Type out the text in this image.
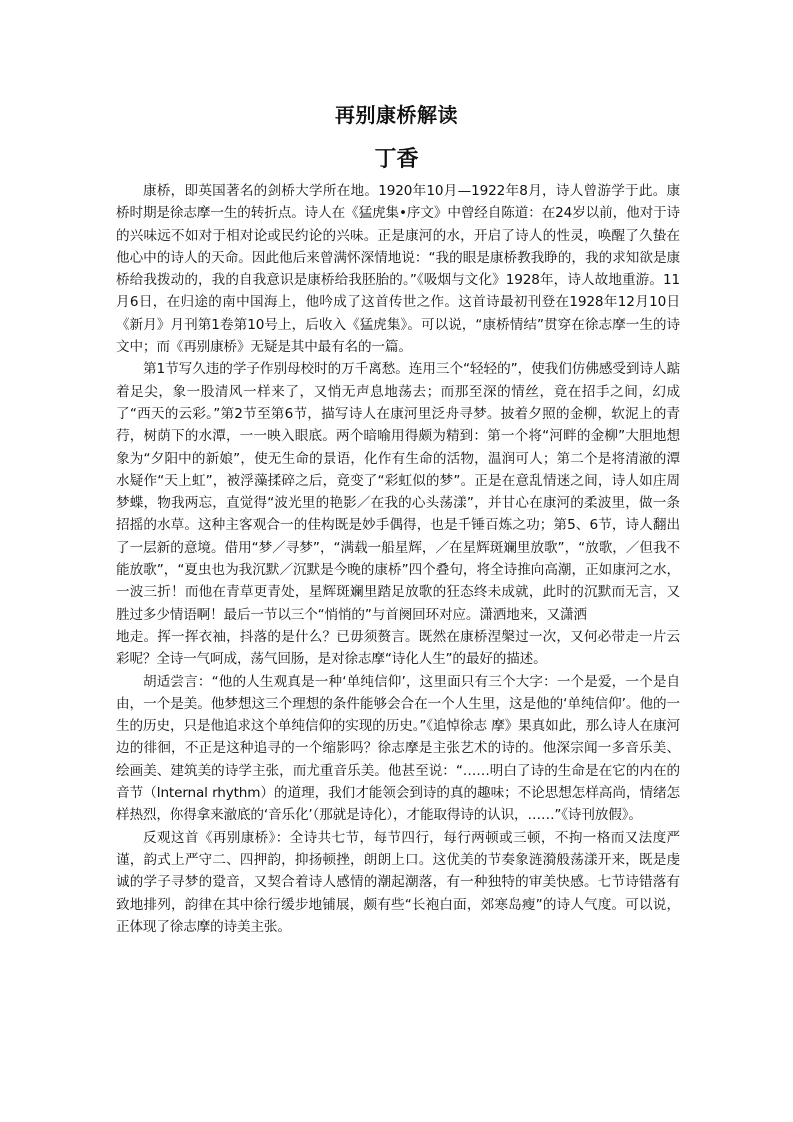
再别康桥解读
丁香

康桥，即英国著名的剑桥大学所在地。1920年10月—1922年8月，诗人曾游学于此。康桥时期是徐志摩一生的转折点。诗人在《猛虎集•序文》中曾经自陈道：在24岁以前，他对于诗的兴味远不如对于相对论或民约论的兴味。正是康河的水，开启了诗人的性灵，唤醒了久蛰在他心中的诗人的天命。因此他后来曾满怀深情地说：“我的眼是康桥教我睁的，我的求知欲是康桥给我拨动的，我的自我意识是康桥给我胚胎的。”《吸烟与文化》1928年，诗人故地重游。11月6日，在归途的南中国海上，他吟成了这首传世之作。这首诗最初刊登在1928年12月10日《新月》月刊第1卷第10号上，后收入《猛虎集》。可以说，“康桥情结”贯穿在徐志摩一生的诗文中；而《再别康桥》无疑是其中最有名的一篇。

第1节写久违的学子作别母校时的万千离愁。连用三个“轻轻的”，使我们仿佛感受到诗人踮着足尖，象一股清风一样来了，又悄无声息地荡去；而那至深的情丝，竟在招手之间，幻成了“西天的云彩。”第2节至第6节，描写诗人在康河里泛舟寻梦。披着夕照的金柳，软泥上的青荇，树荫下的水潭，一一映入眼底。两个暗喻用得颇为精到：第一个将“河畔的金柳”大胆地想象为“夕阳中的新娘”，使无生命的景语，化作有生命的活物，温润可人；第二个是将清澈的潭水疑作“天上虹”，被浮藻揉碎之后，竟变了“彩虹似的梦”。正是在意乱情迷之间，诗人如庄周梦蝶，物我两忘，直觉得“波光里的艳影／在我的心头荡漾”，并甘心在康河的柔波里，做一条招摇的水草。这种主客观合一的佳构既是妙手偶得，也是千锤百炼之功；第5、6节，诗人翻出了一层新的意境。借用“梦／寻梦”，“满载一船星辉，／在星辉斑斓里放歌”，“放歌，／但我不能放歌”，“夏虫也为我沉默／沉默是今晚的康桥”四个叠句，将全诗推向高潮，正如康河之水，一波三折！而他在青草更青处，星辉斑斓里踏足放歌的狂态终未成就，此时的沉默而无言，又胜过多少情语啊！最后一节以三个“悄悄的”与首阕回环对应。潇洒地来，又潇洒

地走。挥一挥衣袖，抖落的是什么？已毋须赘言。既然在康桥涅槃过一次，又何必带走一片云彩呢？全诗一气呵成，荡气回肠，是对徐志摩“诗化人生”的最好的描述。

胡适尝言：“他的人生观真是一种‘单纯信仰’，这里面只有三个大字：一个是爱，一个是自由，一个是美。他梦想这三个理想的条件能够会合在一个人生里，这是他的‘单纯信仰’。他的一生的历史，只是他追求这个单纯信仰的实现的历史。”《追悼徐志 摩》果真如此，那么诗人在康河边的徘徊，不正是这种追寻的一个缩影吗？徐志摩是主张艺术的诗的。他深宗闻一多音乐美、绘画美、建筑美的诗学主张，而尤重音乐美。他甚至说：“……明白了诗的生命是在它的内在的音节（Internal rhythm）的道理，我们才能领会到诗的真的趣味；不论思想怎样高尚，情绪怎样热烈，你得拿来澈底的‘音乐化’（那就是诗化），才能取得诗的认识，……”《诗刊放假》。

反观这首《再别康桥》：全诗共七节，每节四行，每行两顿或三顿，不拘一格而又法度严谨，韵式上严守二、四押韵，抑扬顿挫，朗朗上口。这优美的节奏象涟漪般荡漾开来，既是虔诚的学子寻梦的跫音，又契合着诗人感情的潮起潮落，有一种独特的审美快感。七节诗错落有致地排列，韵律在其中徐行缓步地铺展，颇有些“长袍白面，郊寒岛瘦”的诗人气度。可以说，正体现了徐志摩的诗美主张。
